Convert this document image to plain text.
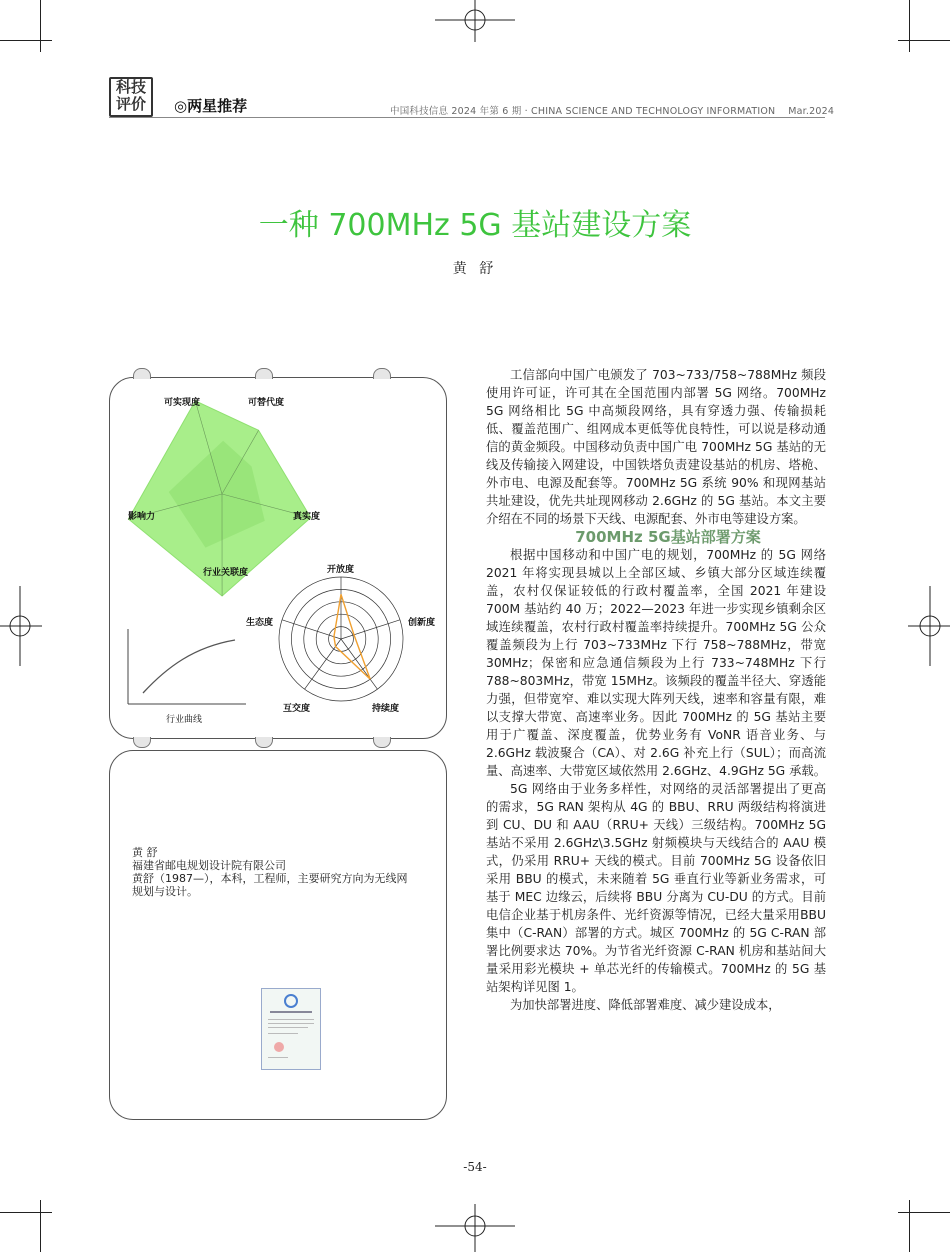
科技
评价	◎两星推荐	中国科技信息 2024 年第 6 期 · CHINA SCIENCE AND TECHNOLOGY INFORMATION    Mar.2024
一种 700MHz 5G 基站建设方案
黄 舒
可实现度	可替代度
真实度
行业关联度
影响力
开放度
创新度
持续度
互交度
生态度
行业曲线
黄 舒
福建省邮电规划设计院有限公司
黄舒（1987—），本科，工程师，主要研究方向为无线网
规划与设计。

工信部向中国广电颁发了 703~733/758~788MHz 频段使用许可证，许可其在全国范围内部署 5G 网络。700MHz 5G 网络相比 5G 中高频段网络，具有穿透力强、传输损耗低、覆盖范围广、组网成本更低等优良特性，可以说是移动通信的黄金频段。中国移动负责中国广电 700MHz 5G 基站的无线及传输接入网建设，中国铁塔负责建设基站的机房、塔桅、外市电、电源及配套等。700MHz 5G 系统 90% 和现网基站共址建设，优先共址现网移动 2.6GHz 的 5G 基站。本文主要介绍在不同的场景下天线、电源配套、外市电等建设方案。

700MHz 5G基站部署方案

根据中国移动和中国广电的规划，700MHz 的 5G 网络 2021 年将实现县城以上全部区域、乡镇大部分区域连续覆盖，农村仅保证较低的行政村覆盖率，全国 2021 年建设 700M 基站约 40 万；2022—2023 年进一步实现乡镇剩余区域连续覆盖，农村行政村覆盖率持续提升。700MHz 5G 公众覆盖频段为上行 703~733MHz 下行 758~788MHz，带宽 30MHz；保密和应急通信频段为上行 733~748MHz 下行 788~803MHz，带宽 15MHz。该频段的覆盖半径大、穿透能力强，但带宽窄、难以实现大阵列天线，速率和容量有限，难以支撑大带宽、高速率业务。因此 700MHz 的 5G 基站主要用于广覆盖、深度覆盖，优势业务有 VoNR 语音业务、与 2.6GHz 载波聚合（CA）、对 2.6G 补充上行（SUL）；而高流量、高速率、大带宽区域依然用 2.6GHz、4.9GHz 5G 承载。

5G 网络由于业务多样性，对网络的灵活部署提出了更高的需求，5G RAN 架构从 4G 的 BBU、RRU 两级结构将演进到 CU、DU 和 AAU（RRU+ 天线）三级结构。700MHz 5G 基站不采用 2.6GHz\3.5GHz 射频模块与天线结合的 AAU 模式，仍采用 RRU+ 天线的模式。目前 700MHz 5G 设备依旧采用 BBU 的模式，未来随着 5G 垂直行业等新业务需求，可基于 MEC 边缘云，后续将 BBU 分离为 CU-DU 的方式。目前电信企业基于机房条件、光纤资源等情况，已经大量采用BBU 集中（C-RAN）部署的方式。城区 700MHz 的 5G C-RAN 部署比例要求达 70%。为节省光纤资源 C-RAN 机房和基站间大量采用彩光模块 + 单芯光纤的传输模式。700MHz 的 5G 基站架构详见图 1。

为加快部署进度、降低部署难度、减少建设成本，

-54-
